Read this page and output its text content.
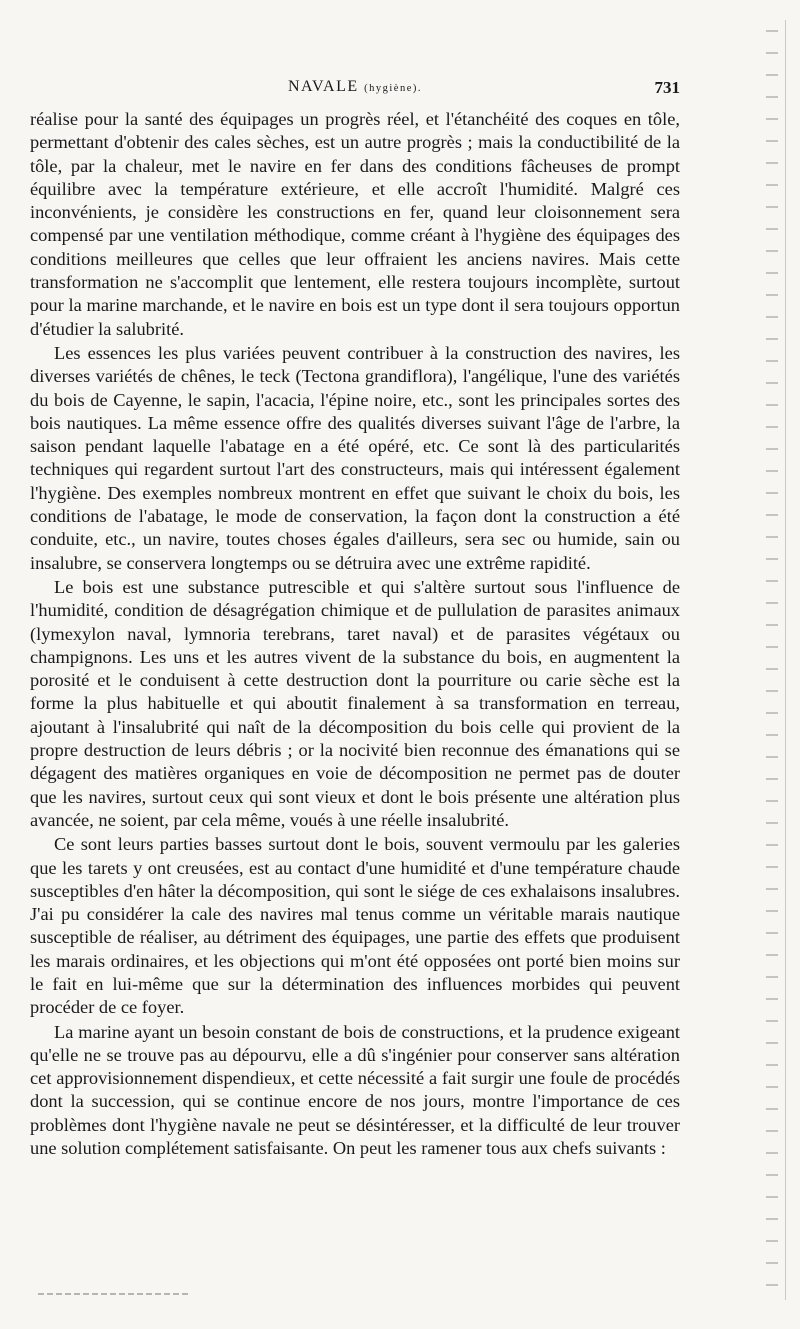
NAVALE (hygiène).	731

réalise pour la santé des équipages un progrès réel, et l'étanchéité des coques en tôle, permettant d'obtenir des cales sèches, est un autre progrès ; mais la conductibilité de la tôle, par la chaleur, met le navire en fer dans des conditions fâcheuses de prompt équilibre avec la température extérieure, et elle accroît l'humidité. Malgré ces inconvénients, je considère les constructions en fer, quand leur cloisonnement sera compensé par une ventilation méthodique, comme créant à l'hygiène des équipages des conditions meilleures que celles que leur offraient les anciens navires. Mais cette transformation ne s'accomplit que lentement, elle restera toujours incomplète, surtout pour la marine marchande, et le navire en bois est un type dont il sera toujours opportun d'étudier la salubrité.

Les essences les plus variées peuvent contribuer à la construction des navires, les diverses variétés de chênes, le teck (Tectona grandiflora), l'angélique, l'une des variétés du bois de Cayenne, le sapin, l'acacia, l'épine noire, etc., sont les principales sortes des bois nautiques. La même essence offre des qualités diverses suivant l'âge de l'arbre, la saison pendant laquelle l'abatage en a été opéré, etc. Ce sont là des particularités techniques qui regardent surtout l'art des constructeurs, mais qui intéressent également l'hygiène. Des exemples nombreux montrent en effet que suivant le choix du bois, les conditions de l'abatage, le mode de conservation, la façon dont la construction a été conduite, etc., un navire, toutes choses égales d'ailleurs, sera sec ou humide, sain ou insalubre, se conservera longtemps ou se détruira avec une extrême rapidité.

Le bois est une substance putrescible et qui s'altère surtout sous l'influence de l'humidité, condition de désagrégation chimique et de pullulation de parasites animaux (lymexylon naval, lymnoria terebrans, taret naval) et de parasites végétaux ou champignons. Les uns et les autres vivent de la substance du bois, en augmentent la porosité et le conduisent à cette destruction dont la pourriture ou carie sèche est la forme la plus habituelle et qui aboutit finalement à sa transformation en terreau, ajoutant à l'insalubrité qui naît de la décomposition du bois celle qui provient de la propre destruction de leurs débris ; or la nocivité bien reconnue des émanations qui se dégagent des matières organiques en voie de décomposition ne permet pas de douter que les navires, surtout ceux qui sont vieux et dont le bois présente une altération plus avancée, ne soient, par cela même, voués à une réelle insalubrité.

Ce sont leurs parties basses surtout dont le bois, souvent vermoulu par les galeries que les tarets y ont creusées, est au contact d'une humidité et d'une température chaude susceptibles d'en hâter la décomposition, qui sont le siége de ces exhalaisons insalubres. J'ai pu considérer la cale des navires mal tenus comme un véritable marais nautique susceptible de réaliser, au détriment des équipages, une partie des effets que produisent les marais ordinaires, et les objections qui m'ont été opposées ont porté bien moins sur le fait en lui-même que sur la détermination des influences morbides qui peuvent procéder de ce foyer.

La marine ayant un besoin constant de bois de constructions, et la prudence exigeant qu'elle ne se trouve pas au dépourvu, elle a dû s'ingénier pour conserver sans altération cet approvisionnement dispendieux, et cette nécessité a fait surgir une foule de procédés dont la succession, qui se continue encore de nos jours, montre l'importance de ces problèmes dont l'hygiène navale ne peut se désintéresser, et la difficulté de leur trouver une solution complétement satisfaisante. On peut les ramener tous aux chefs suivants :
